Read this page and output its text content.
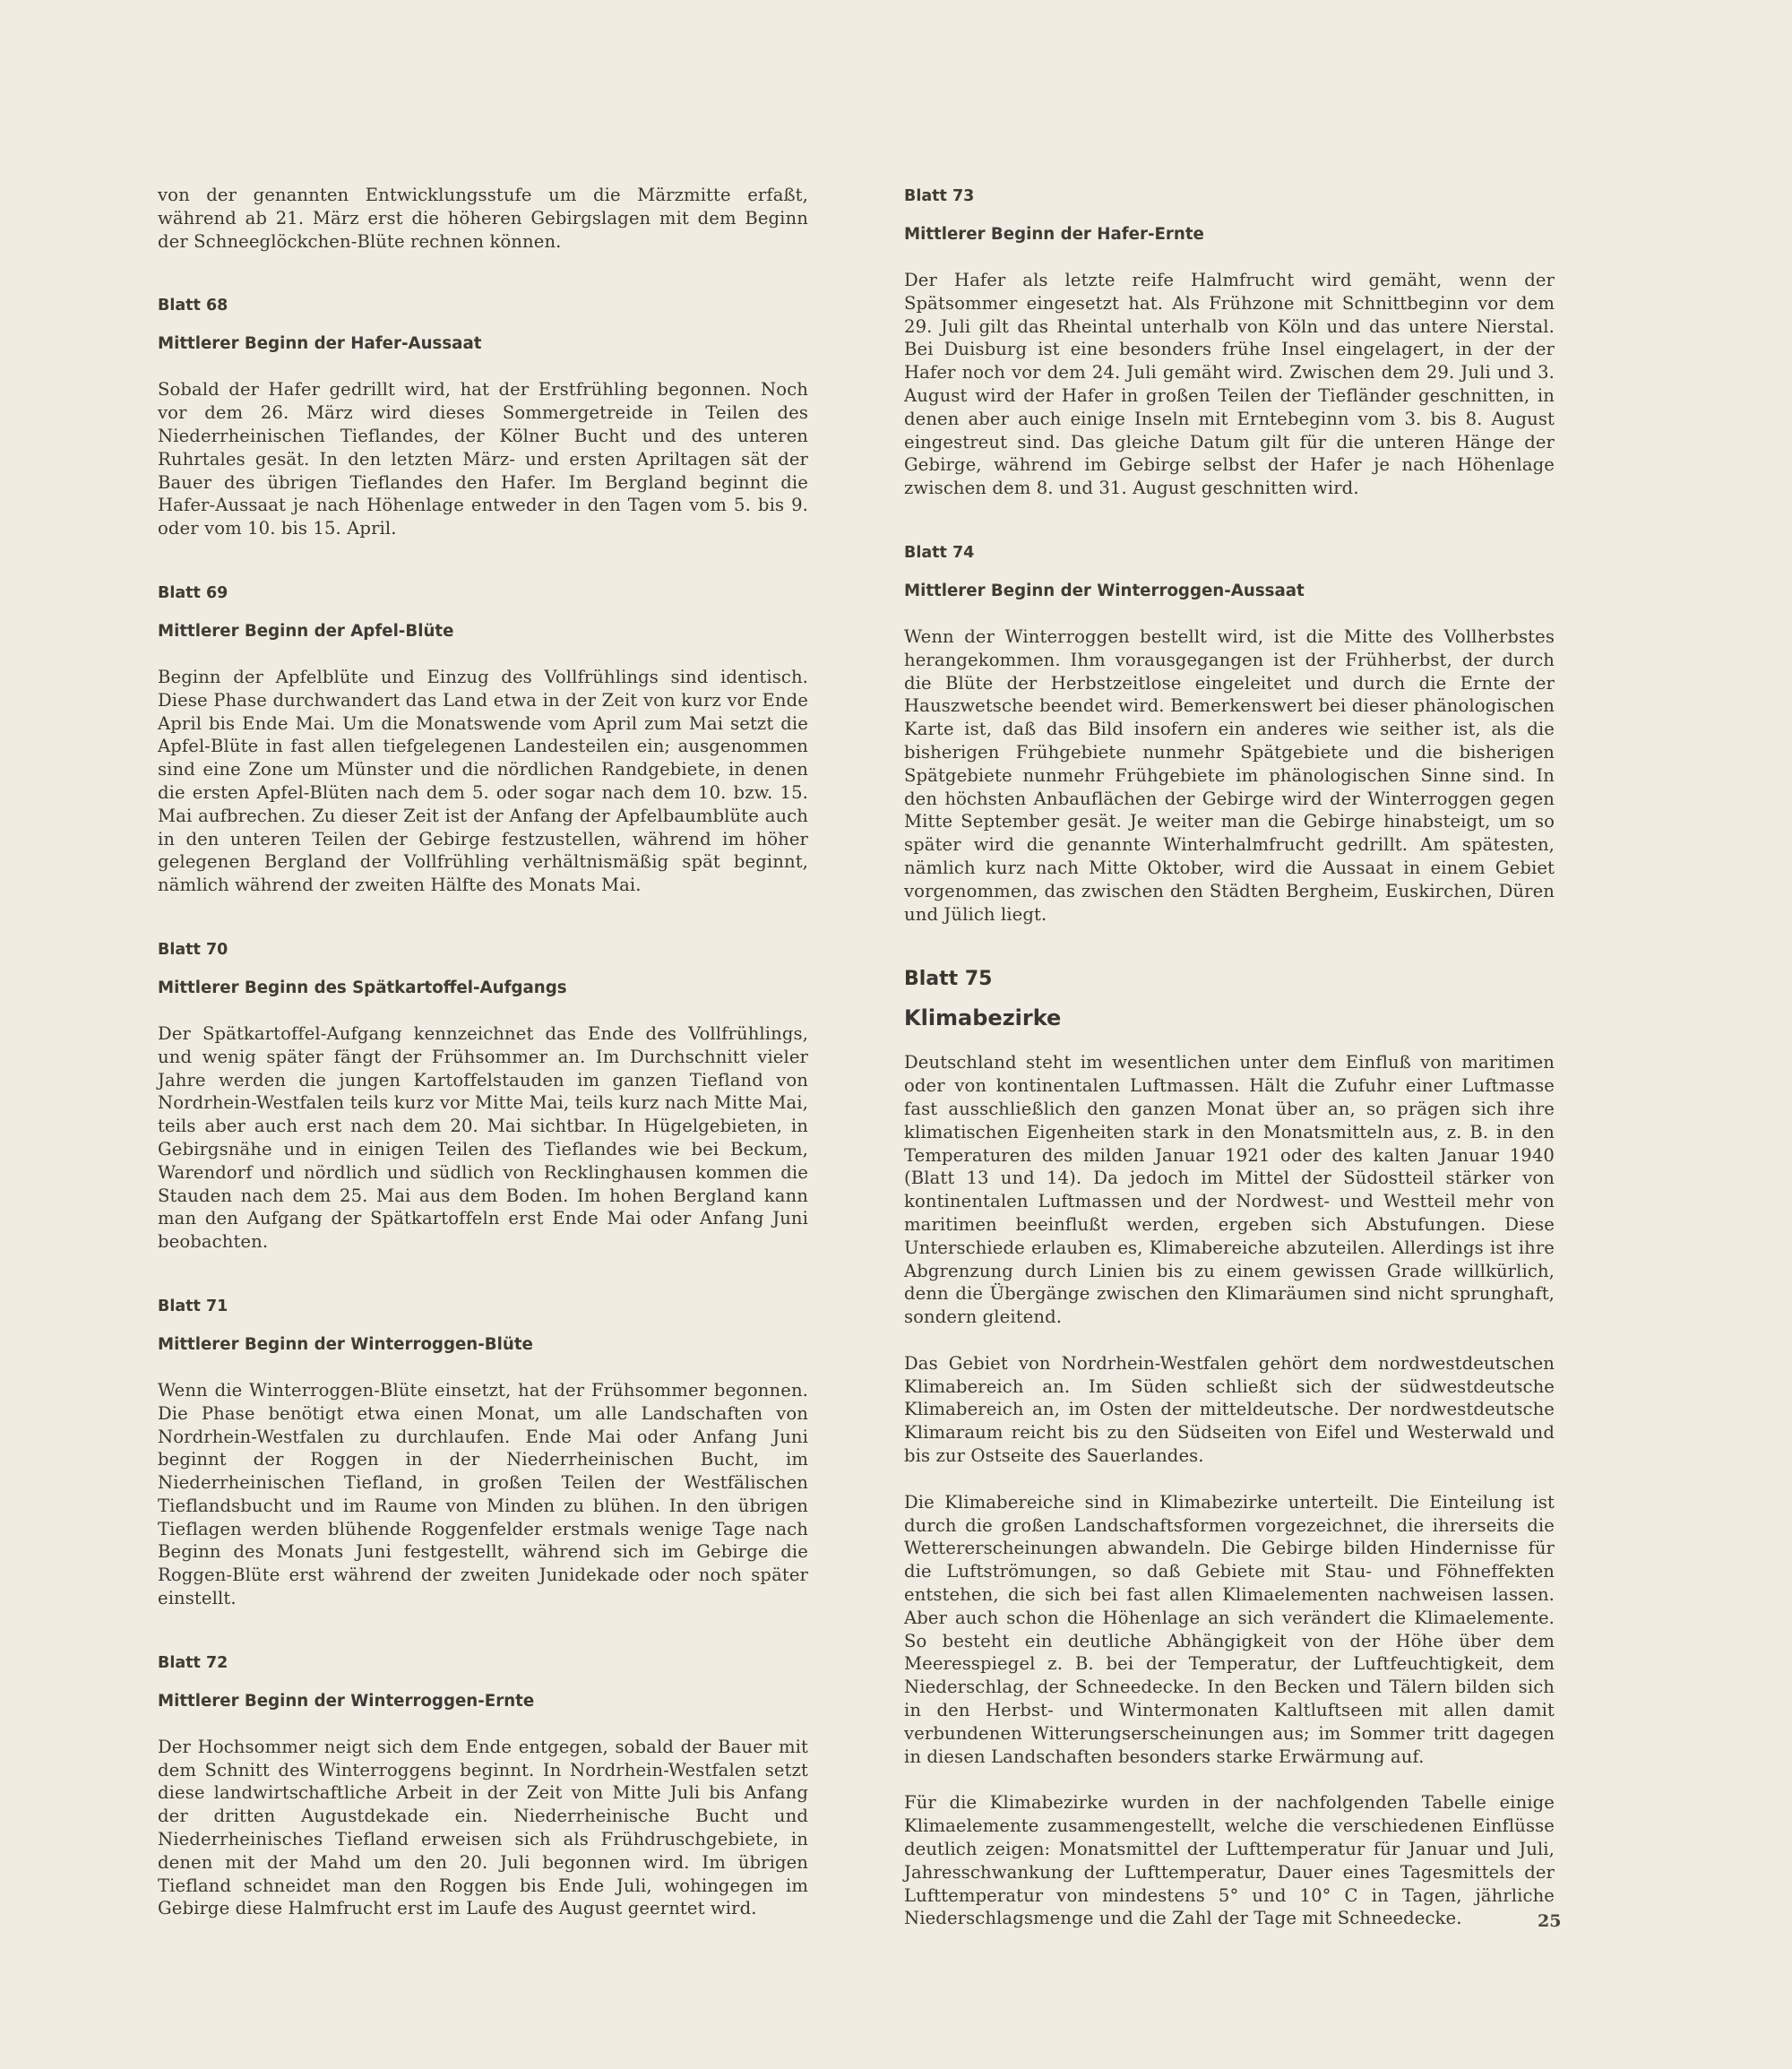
von der genannten Entwicklungsstufe um die Märzmitte erfaßt, während ab 21. März erst die höheren Gebirgslagen mit dem Beginn der Schneeglöckchen-Blüte rechnen können.

Blatt 68
Mittlerer Beginn der Hafer-Aussaat

Sobald der Hafer gedrillt wird, hat der Erstfrühling begonnen. Noch vor dem 26. März wird dieses Sommergetreide in Teilen des Niederrheinischen Tieflandes, der Kölner Bucht und des unteren Ruhrtales gesät. In den letzten März- und ersten Apriltagen sät der Bauer des übrigen Tieflandes den Hafer. Im Bergland beginnt die Hafer-Aussaat je nach Höhenlage entweder in den Tagen vom 5. bis 9. oder vom 10. bis 15. April.

Blatt 69
Mittlerer Beginn der Apfel-Blüte

Beginn der Apfelblüte und Einzug des Vollfrühlings sind identisch. Diese Phase durchwandert das Land etwa in der Zeit von kurz vor Ende April bis Ende Mai. Um die Monatswende vom April zum Mai setzt die Apfel-Blüte in fast allen tiefgelegenen Landesteilen ein; ausgenommen sind eine Zone um Münster und die nördlichen Randgebiete, in denen die ersten Apfel-Blüten nach dem 5. oder sogar nach dem 10. bzw. 15. Mai aufbrechen. Zu dieser Zeit ist der Anfang der Apfelbaumblüte auch in den unteren Teilen der Gebirge festzustellen, während im höher gelegenen Bergland der Vollfrühling verhältnismäßig spät beginnt, nämlich während der zweiten Hälfte des Monats Mai.

Blatt 70
Mittlerer Beginn des Spätkartoffel-Aufgangs

Der Spätkartoffel-Aufgang kennzeichnet das Ende des Vollfrühlings, und wenig später fängt der Frühsommer an. Im Durchschnitt vieler Jahre werden die jungen Kartoffelstauden im ganzen Tiefland von Nordrhein-Westfalen teils kurz vor Mitte Mai, teils kurz nach Mitte Mai, teils aber auch erst nach dem 20. Mai sichtbar. In Hügelgebieten, in Gebirgsnähe und in einigen Teilen des Tieflandes wie bei Beckum, Warendorf und nördlich und südlich von Recklinghausen kommen die Stauden nach dem 25. Mai aus dem Boden. Im hohen Bergland kann man den Aufgang der Spätkartoffeln erst Ende Mai oder Anfang Juni beobachten.

Blatt 71
Mittlerer Beginn der Winterroggen-Blüte

Wenn die Winterroggen-Blüte einsetzt, hat der Frühsommer begonnen. Die Phase benötigt etwa einen Monat, um alle Landschaften von Nordrhein-Westfalen zu durchlaufen. Ende Mai oder Anfang Juni beginnt der Roggen in der Niederrheinischen Bucht, im Niederrheinischen Tiefland, in großen Teilen der Westfälischen Tieflandsbucht und im Raume von Minden zu blühen. In den übrigen Tieflagen werden blühende Roggenfelder erstmals wenige Tage nach Beginn des Monats Juni festgestellt, während sich im Gebirge die Roggen-Blüte erst während der zweiten Junidekade oder noch später einstellt.

Blatt 72
Mittlerer Beginn der Winterroggen-Ernte

Der Hochsommer neigt sich dem Ende entgegen, sobald der Bauer mit dem Schnitt des Winterroggens beginnt. In Nordrhein-Westfalen setzt diese landwirtschaftliche Arbeit in der Zeit von Mitte Juli bis Anfang der dritten Augustdekade ein. Niederrheinische Bucht und Niederrheinisches Tiefland erweisen sich als Frühdruschgebiete, in denen mit der Mahd um den 20. Juli begonnen wird. Im übrigen Tiefland schneidet man den Roggen bis Ende Juli, wohingegen im Gebirge diese Halmfrucht erst im Laufe des August geerntet wird.

Blatt 73
Mittlerer Beginn der Hafer-Ernte

Der Hafer als letzte reife Halmfrucht wird gemäht, wenn der Spätsommer eingesetzt hat. Als Frühzone mit Schnittbeginn vor dem 29. Juli gilt das Rheintal unterhalb von Köln und das untere Nierstal. Bei Duisburg ist eine besonders frühe Insel eingelagert, in der der Hafer noch vor dem 24. Juli gemäht wird. Zwischen dem 29. Juli und 3. August wird der Hafer in großen Teilen der Tiefländer geschnitten, in denen aber auch einige Inseln mit Erntebeginn vom 3. bis 8. August eingestreut sind. Das gleiche Datum gilt für die unteren Hänge der Gebirge, während im Gebirge selbst der Hafer je nach Höhenlage zwischen dem 8. und 31. August geschnitten wird.

Blatt 74
Mittlerer Beginn der Winterroggen-Aussaat

Wenn der Winterroggen bestellt wird, ist die Mitte des Vollherbstes herangekommen. Ihm vorausgegangen ist der Frühherbst, der durch die Blüte der Herbstzeitlose eingeleitet und durch die Ernte der Hauszwetsche beendet wird. Bemerkenswert bei dieser phänologischen Karte ist, daß das Bild insofern ein anderes wie seither ist, als die bisherigen Frühgebiete nunmehr Spätgebiete und die bisherigen Spätgebiete nunmehr Frühgebiete im phänologischen Sinne sind. In den höchsten Anbauflächen der Gebirge wird der Winterroggen gegen Mitte September gesät. Je weiter man die Gebirge hinabsteigt, um so später wird die genannte Winterhalmfrucht gedrillt. Am spätesten, nämlich kurz nach Mitte Oktober, wird die Aussaat in einem Gebiet vorgenommen, das zwischen den Städten Bergheim, Euskirchen, Düren und Jülich liegt.

Blatt 75
Klimabezirke

Deutschland steht im wesentlichen unter dem Einfluß von maritimen oder von kontinentalen Luftmassen. Hält die Zufuhr einer Luftmasse fast ausschließlich den ganzen Monat über an, so prägen sich ihre klimatischen Eigenheiten stark in den Monatsmitteln aus, z. B. in den Temperaturen des milden Januar 1921 oder des kalten Januar 1940 (Blatt 13 und 14). Da jedoch im Mittel der Südostteil stärker von kontinentalen Luftmassen und der Nordwest- und Westteil mehr von maritimen beeinflußt werden, ergeben sich Abstufungen. Diese Unterschiede erlauben es, Klimabereiche abzuteilen. Allerdings ist ihre Abgrenzung durch Linien bis zu einem gewissen Grade willkürlich, denn die Übergänge zwischen den Klimaräumen sind nicht sprunghaft, sondern gleitend.

Das Gebiet von Nordrhein-Westfalen gehört dem nordwestdeutschen Klimabereich an. Im Süden schließt sich der südwestdeutsche Klimabereich an, im Osten der mitteldeutsche. Der nordwestdeutsche Klimaraum reicht bis zu den Südseiten von Eifel und Westerwald und bis zur Ostseite des Sauerlandes.

Die Klimabereiche sind in Klimabezirke unterteilt. Die Einteilung ist durch die großen Landschaftsformen vorgezeichnet, die ihrerseits die Wettererscheinungen abwandeln. Die Gebirge bilden Hindernisse für die Luftströmungen, so daß Gebiete mit Stau- und Föhneffekten entstehen, die sich bei fast allen Klimaelementen nachweisen lassen. Aber auch schon die Höhenlage an sich verändert die Klimaelemente. So besteht ein deutliche Abhängigkeit von der Höhe über dem Meeresspiegel z. B. bei der Temperatur, der Luftfeuchtigkeit, dem Niederschlag, der Schneedecke. In den Becken und Tälern bilden sich in den Herbst- und Wintermonaten Kaltluftseen mit allen damit verbundenen Witterungserscheinungen aus; im Sommer tritt dagegen in diesen Landschaften besonders starke Erwärmung auf.

Für die Klimabezirke wurden in der nachfolgenden Tabelle einige Klimaelemente zusammengestellt, welche die verschiedenen Einflüsse deutlich zeigen: Monatsmittel der Lufttemperatur für Januar und Juli, Jahresschwankung der Lufttemperatur, Dauer eines Tagesmittels der Lufttemperatur von mindestens 5° und 10° C in Tagen, jährliche Niederschlagsmenge und die Zahl der Tage mit Schneedecke.	25
